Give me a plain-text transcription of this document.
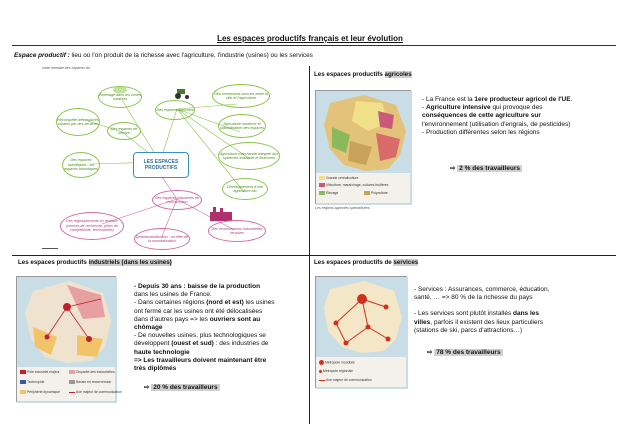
Les espaces productifs français et leur évolution
Espace productif : lieu où l'on produit de la richesse avec l'agriculture, l'industrie (usines) ou les services
carte mentale des espaces de
LES ESPACES PRODUCTIFS
Aménagé dans les zones urbaines
Des espaces agricoles
Des connexions accrues entre la ville et l'agriculture
Reconquête des espaces urbains par des services
Des espaces de service
Agriculture moderne et subordination des espaces
Agriculture marchande intégrée aux systèmes industriel et financiers
Des espaces spécifiques : les espaces touristiques
Développement d'une agriculture bio
Des espaces industriels en reconversion
Des regroupements en réseaux (centres de recherche, pôles de compétitivité, technopôles)
Désindustrialisation : un effet de la mondialisation
Des reconversions industrielles réussies
Les espaces productifs agricoles
Grande céréaliculture
Viticulture, maraîchage, cultures fruitières
Élevage	Polyculture
Les régions agricoles spécialisées
- La France est la 1ere producteur agricol de l'UE.
- Agriculture intensive qui provoque des
conséquences de cette agriculture sur
l'environnement (utilisation d'engrais, de pesticides)
- Production différentes selon les régions
⇨ 2 % des travailleurs
Les espaces productifs industriels (dans les usines)
Pôle industriel majeur	Disparité des industrielles
Technopôle	Bassin en reconversion
Périphérie dynamique	Axe majeur de communication
- Depuis 30 ans : baisse de la production
dans les usines de France.
- Dans certaines régions (nord et est) les usines
ont fermé car les usines ont été délocalisées
dans d'autres pays => les ouvriers sont au
chômage
- De nouvelles usines, plus technologiques se
développent (ouest et sud) : des industries de
haute technologie
=> Les travailleurs doivent maintenant être
très diplômés
⇨ 20 % des travailleurs
Les espaces productifs de services
Métropole mondiale
Métropole régionale
Axe majeur de communication
- Services : Assurances, commerce, éducation,
santé, … => 80 % de la richesse du pays
- Les services sont plutôt installés dans les
villes, parfois il existent des lieux particuliers
(stations de ski, parcs d'attractions…)
⇨ 78 % des travailleurs
